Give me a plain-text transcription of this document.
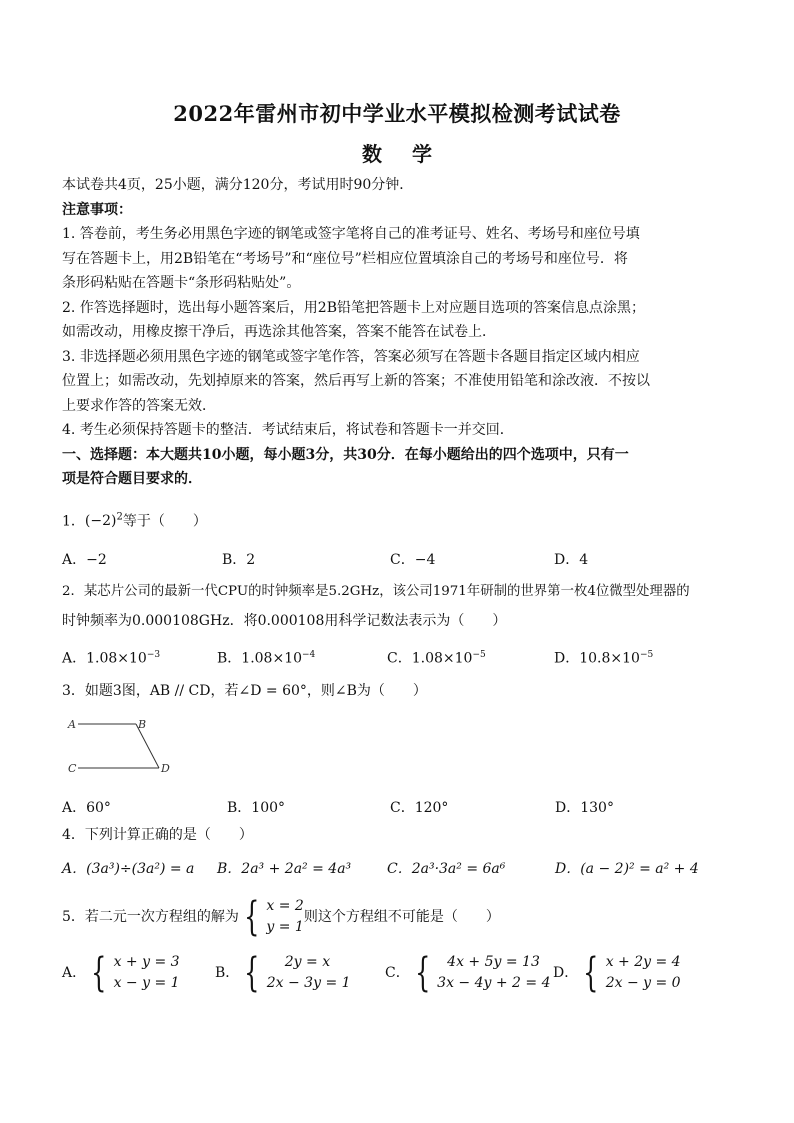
2022年雷州市初中学业水平模拟检测考试试卷
数学
本试卷共4页，25小题，满分120分，考试用时90分钟．
注意事项：
1. 答卷前，考生务必用黑色字迹的钢笔或签字笔将自己的准考证号、姓名、考场号和座位号填
写在答题卡上，用2B铅笔在“考场号”和“座位号”栏相应位置填涂自己的考场号和座位号．将
条形码粘贴在答题卡“条形码粘贴处”。
2. 作答选择题时，选出每小题答案后，用2B铅笔把答题卡上对应题目选项的答案信息点涂黑；
如需改动，用橡皮擦干净后，再选涂其他答案，答案不能答在试卷上．
3. 非选择题必须用黑色字迹的钢笔或签字笔作答，答案必须写在答题卡各题目指定区域内相应
位置上；如需改动，先划掉原来的答案，然后再写上新的答案；不准使用铅笔和涂改液．不按以
上要求作答的答案无效．
4. 考生必须保持答题卡的整洁．考试结束后，将试卷和答题卡一并交回．
一、选择题：本大题共10小题，每小题3分，共30分．在每小题给出的四个选项中，只有一
项是符合题目要求的．
1．$(-2)^2$等于（　　）
A．−2	B．2	C．−4	D．4
2．某芯片公司的最新一代CPU的时钟频率是5.2GHz，该公司1971年研制的世界第一枚4位微型处理器的
时钟频率为0.000108GHz．将0.000108用科学记数法表示为（　　）
A．$1.08\times 10^{-3}$	B．$1.08\times 10^{-4}$	C．$1.08\times 10^{-5}$	D．$10.8\times 10^{-5}$
3．如题3图，AB // CD，若∠D = 60°，则∠B为（　　）
A	B
C	D
A．60°	B．100°	C．120°	D．130°
4．下列计算正确的是（　　）
A．(3a³)÷(3a²) = a	B．2a³ + 2a² = 4a³	C．2a³·3a² = 6a⁶	D．(a − 2)² = a² + 4
5．若二元一次方程组的解为 { x = 2
y = 1
则这个方程组不可能是（　　）
A． { x + y = 3
x − y = 1
B． {	2y = x
2x − 3y = 1
C． {	4x + 5y = 13
3x − 4y + 2 = 4
D． { x + 2y = 4
2x − y = 0
